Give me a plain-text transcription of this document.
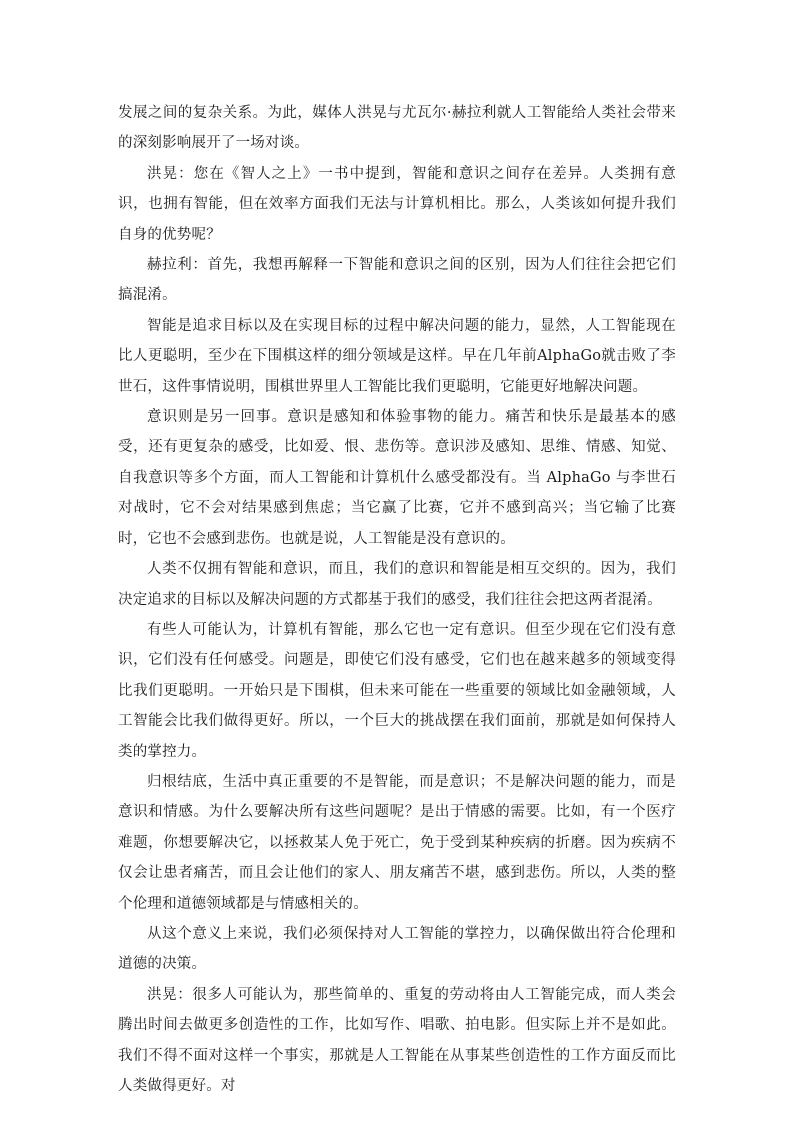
发展之间的复杂关系。为此，媒体人洪晃与尤瓦尔·赫拉利就人工智能给人类社会带来的深刻影响展开了一场对谈。

洪晃：您在《智人之上》一书中提到，智能和意识之间存在差异。人类拥有意识，也拥有智能，但在效率方面我们无法与计算机相比。那么，人类该如何提升我们自身的优势呢？

赫拉利：首先，我想再解释一下智能和意识之间的区别，因为人们往往会把它们搞混淆。

智能是追求目标以及在实现目标的过程中解决问题的能力，显然，人工智能现在比人更聪明，至少在下围棋这样的细分领域是这样。早在几年前AlphaGo就击败了李世石，这件事情说明，围棋世界里人工智能比我们更聪明，它能更好地解决问题。

意识则是另一回事。意识是感知和体验事物的能力。痛苦和快乐是最基本的感受，还有更复杂的感受，比如爱、恨、悲伤等。意识涉及感知、思维、情感、知觉、自我意识等多个方面，而人工智能和计算机什么感受都没有。当 AlphaGo 与李世石对战时，它不会对结果感到焦虑；当它赢了比赛，它并不感到高兴；当它输了比赛时，它也不会感到悲伤。也就是说，人工智能是没有意识的。

人类不仅拥有智能和意识，而且，我们的意识和智能是相互交织的。因为，我们决定追求的目标以及解决问题的方式都基于我们的感受，我们往往会把这两者混淆。

有些人可能认为，计算机有智能，那么它也一定有意识。但至少现在它们没有意识，它们没有任何感受。问题是，即使它们没有感受，它们也在越来越多的领域变得比我们更聪明。一开始只是下围棋，但未来可能在一些重要的领域比如金融领域，人工智能会比我们做得更好。所以，一个巨大的挑战摆在我们面前，那就是如何保持人类的掌控力。

归根结底，生活中真正重要的不是智能，而是意识；不是解决问题的能力，而是意识和情感。为什么要解决所有这些问题呢？是出于情感的需要。比如，有一个医疗难题，你想要解决它，以拯救某人免于死亡，免于受到某种疾病的折磨。因为疾病不仅会让患者痛苦，而且会让他们的家人、朋友痛苦不堪，感到悲伤。所以，人类的整个伦理和道德领域都是与情感相关的。

从这个意义上来说，我们必须保持对人工智能的掌控力，以确保做出符合伦理和道德的决策。

洪晃：很多人可能认为，那些简单的、重复的劳动将由人工智能完成，而人类会腾出时间去做更多创造性的工作，比如写作、唱歌、拍电影。但实际上并不是如此。我们不得不面对这样一个事实，那就是人工智能在从事某些创造性的工作方面反而比人类做得更好。对
